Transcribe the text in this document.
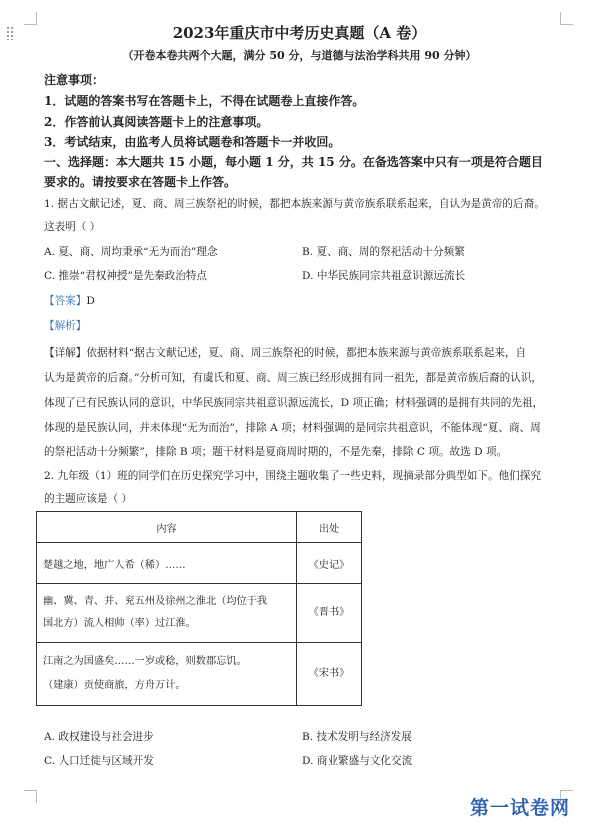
2023年重庆市中考历史真题（A 卷）
（开卷本卷共两个大题，满分 50 分，与道德与法治学科共用 90 分钟）
注意事项：
1．试题的答案书写在答题卡上，不得在试题卷上直接作答。
2．作答前认真阅读答题卡上的注意事项。
3．考试结束，由监考人员将试题卷和答题卡一并收回。
一、选择题：本大题共 15 小题，每小题 1 分，共 15 分。在备选答案中只有一项是符合题目
要求的。请按要求在答题卡上作答。
1. 据古文献记述，夏、商、周三族祭祀的时候，都把本族来源与黄帝族系联系起来，自认为是黄帝的后裔。
这表明（ ）
A. 夏、商、周均秉承“无为而治”理念	B. 夏、商、周的祭祀活动十分频繁
C. 推崇“君权神授”是先秦政治特点	D. 中华民族同宗共祖意识源远流长
【答案】D
【解析】
【详解】依据材料“据古文献记述，夏、商、周三族祭祀的时候，都把本族来源与黄帝族系联系起来，自
认为是黄帝的后裔。”分析可知，有虞氏和夏、商、周三族已经形成拥有同一祖先，都是黄帝族后裔的认识，
体现了已有民族认同的意识，中华民族同宗共祖意识源远流长，D 项正确；材料强调的是拥有共同的先祖，
体现的是民族认同，并未体现“无为而治”，排除 A 项；材料强调的是同宗共祖意识，不能体现“夏、商、周
的祭祀活动十分频繁”，排除 B 项；题干材料是夏商周时期的，不是先秦，排除 C 项。故选 D 项。
2. 九年级（1）班的同学们在历史探究学习中，围绕主题收集了一些史料，现摘录部分典型如下。他们探究
的主题应该是（ ）
内容	出处
楚越之地，地广人希（稀）……	《史记》
幽、冀、青、并、兖五州及徐州之淮北（均位于我
国北方）流人相帅（率）过江淮。	《晋书》
江南之为国盛矣……一岁或稔，则数郡忘饥。
（建康）贡使商旅，方舟万计。	《宋书》
A. 政权建设与社会进步	B. 技术发明与经济发展
C. 人口迁徙与区域开发	D. 商业繁盛与文化交流
第一试卷网
